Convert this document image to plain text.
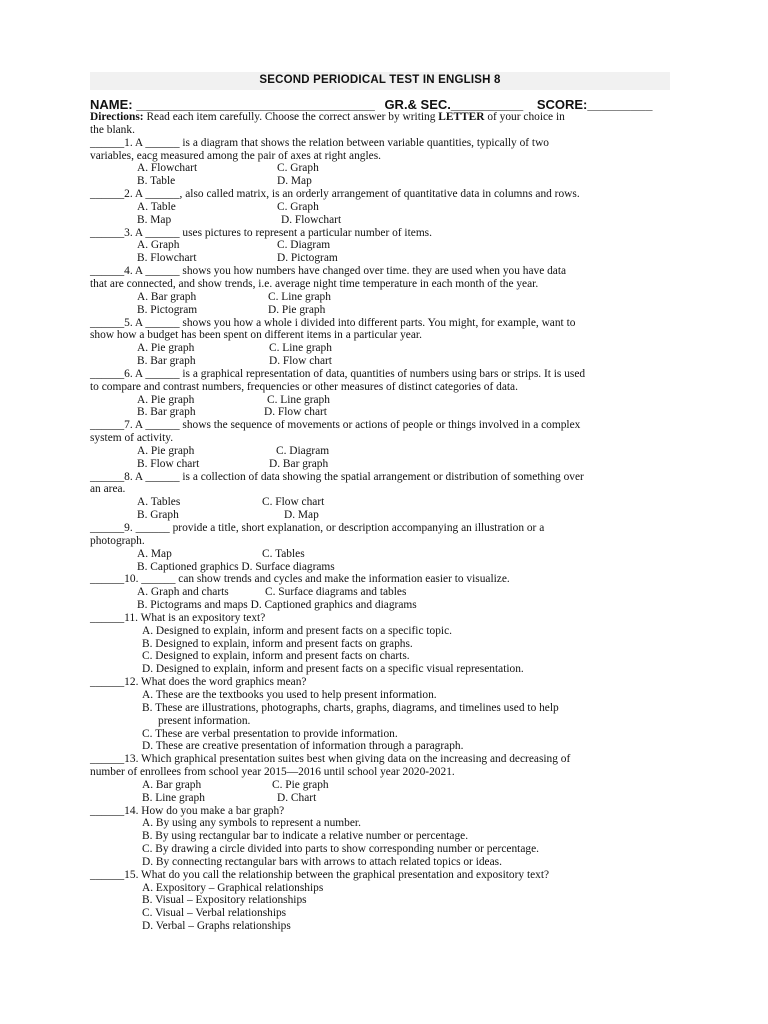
SECOND PERIODICAL TEST IN ENGLISH 8
NAME: _________________________________ GR.& SEC.__________ SCORE:_________
Directions: Read each item carefully. Choose the correct answer by writing LETTER of your choice in
the blank.
______1. A ______ is a diagram that shows the relation between variable quantities, typically of two
variables, eacg measured among the pair of axes at right angles.
A. Flowchart	C. Graph
B. Table	D. Map
______2. A ______, also called matrix, is an orderly arrangement of quantitative data in columns and rows.
A. Table	C. Graph
B. Map	D. Flowchart
______3. A ______ uses pictures to represent a particular number of items.
A. Graph	C. Diagram
B. Flowchart	D. Pictogram
______4. A ______ shows you how numbers have changed over time. they are used when you have data
that are connected, and show trends, i.e. average night time temperature in each month of the year.
A. Bar graph	C. Line graph
B. Pictogram	D. Pie graph
______5. A ______ shows you how a whole i divided into different parts. You might, for example, want to
show how a budget has been spent on different items in a particular year.
A. Pie graph	C. Line graph
B. Bar graph	D. Flow chart
______6. A ______ is a graphical representation of data, quantities of numbers using bars or strips. It is used
to compare and contrast numbers, frequencies or other measures of distinct categories of data.
A. Pie graph	C. Line graph
B. Bar graph	D. Flow chart
______7. A ______ shows the sequence of movements or actions of people or things involved in a complex
system of activity.
A. Pie graph	C. Diagram
B. Flow chart	D. Bar graph
______8. A ______ is a collection of data showing the spatial arrangement or distribution of something over
an area.
A. Tables	C. Flow chart
B. Graph	D. Map
______9. ______ provide a title, short explanation, or description accompanying an illustration or a
photograph.
A. Map	C. Tables
B. Captioned graphics D. Surface diagrams
______10. ______ can show trends and cycles and make the information easier to visualize.
A. Graph and charts	C. Surface diagrams and tables
B. Pictograms and maps D. Captioned graphics and diagrams
______11. What is an expository text?
A. Designed to explain, inform and present facts on a specific topic.
B. Designed to explain, inform and present facts on graphs.
C. Designed to explain, inform and present facts on charts.
D. Designed to explain, inform and present facts on a specific visual representation.
______12. What does the word graphics mean?
A. These are the textbooks you used to help present information.
B. These are illustrations, photographs, charts, graphs, diagrams, and timelines used to help
present information.
C. These are verbal presentation to provide information.
D. These are creative presentation of information through a paragraph.
______13. Which graphical presentation suites best when giving data on the increasing and decreasing of
number of enrollees from school year 2015—2016 until school year 2020-2021.
A. Bar graph	C. Pie graph
B. Line graph	D. Chart
______14. How do you make a bar graph?
A. By using any symbols to represent a number.
B. By using rectangular bar to indicate a relative number or percentage.
C. By drawing a circle divided into parts to show corresponding number or percentage.
D. By connecting rectangular bars with arrows to attach related topics or ideas.
______15. What do you call the relationship between the graphical presentation and expository text?
A. Expository – Graphical relationships
B. Visual – Expository relationships
C. Visual – Verbal relationships
D. Verbal – Graphs relationships
